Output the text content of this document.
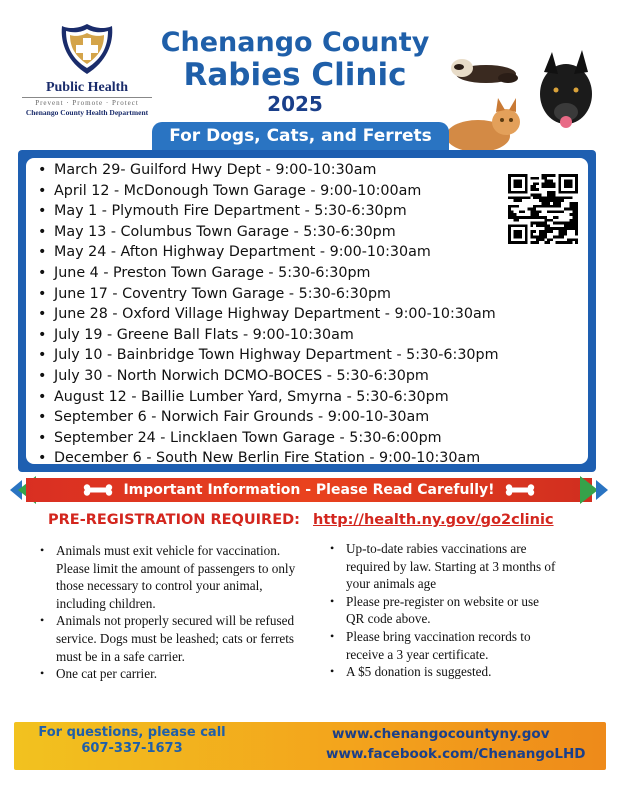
Public Health
Prevent · Promote · Protect
Chenango County Health Department
Chenango County
Rabies Clinic
2025
For Dogs, Cats, and Ferrets
• March 29- Guilford Hwy Dept - 9:00-10:30am
• April 12 - McDonough Town Garage - 9:00-10:00am
• May 1 - Plymouth Fire Department - 5:30-6:30pm
• May 13 - Columbus Town Garage - 5:30-6:30pm
• May 24 - Afton Highway Department - 9:00-10:30am
• June 4 - Preston Town Garage - 5:30-6:30pm
• June 17 - Coventry Town Garage - 5:30-6:30pm
• June 28 - Oxford Village Highway Department - 9:00-10:30am
• July 19 - Greene Ball Flats - 9:00-10:30am
• July 10 - Bainbridge Town Highway Department - 5:30-6:30pm
• July 30 - North Norwich DCMO-BOCES - 5:30-6:30pm
• August 12 - Baillie Lumber Yard, Smyrna - 5:30-6:30pm
• September 6 - Norwich Fair Grounds - 9:00-10-30am
• September 24 - Lincklaen Town Garage - 5:30-6:00pm
• December 6 - South New Berlin Fire Station - 9:00-10:30am
Important Information - Please Read Carefully!
PRE-REGISTRATION REQUIRED: http://health.ny.gov/go2clinic
• Animals must exit vehicle for vaccination. Please limit the amount of passengers to only those necessary to control your animal, including children.
• Animals not properly secured will be refused service. Dogs must be leashed; cats or ferrets must be in a safe carrier.
• One cat per carrier.
• Up-to-date rabies vaccinations are required by law. Starting at 3 months of your animals age
• Please pre-register on website or use QR code above.
• Please bring vaccination records to receive a 3 year certificate.
• A $5 donation is suggested.
For questions, please call
607-337-1673
www.chenangocountyny.gov
www.facebook.com/ChenangoLHD
